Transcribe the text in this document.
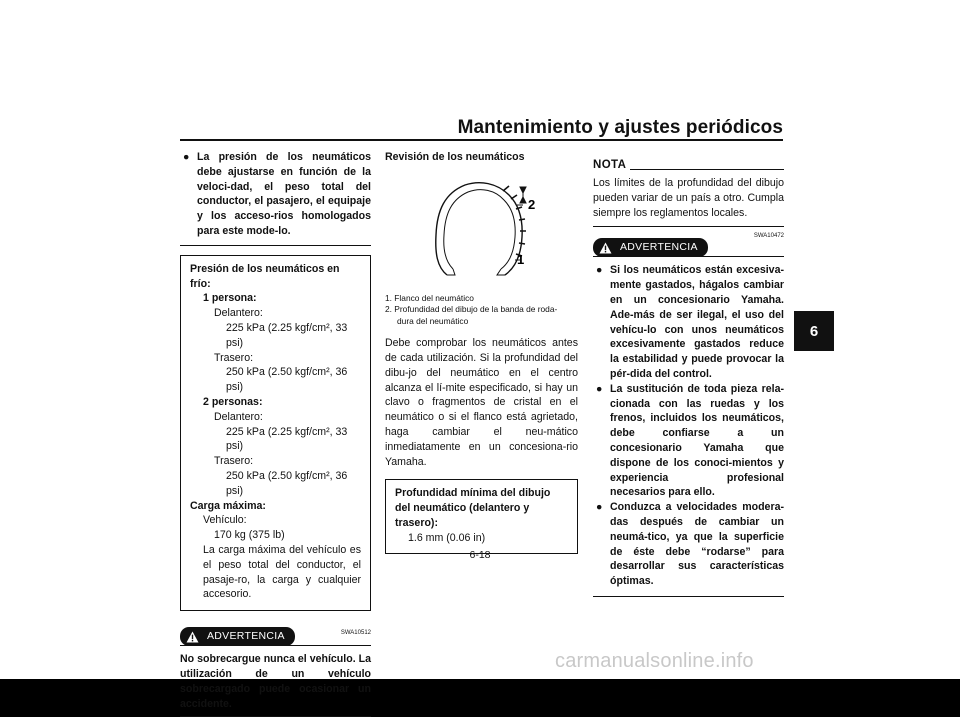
Mantenimiento y ajustes periódicos
6
● La presión de los neumáticos debe ajustarse en función de la veloci-dad, el peso total del conductor, el pasajero, el equipaje y los acceso-rios homologados para este mode-lo.
Presión de los neumáticos en frío:
1 persona:
Delantero:
225 kPa (2.25 kgf/cm², 33 psi)
Trasero:
250 kPa (2.50 kgf/cm², 36 psi)
2 personas:
Delantero:
225 kPa (2.25 kgf/cm², 33 psi)
Trasero:
250 kPa (2.50 kgf/cm², 36 psi)
Carga máxima:
Vehículo:
170 kg (375 lb)
La carga máxima del vehículo es el peso total del conductor, el pasaje-ro, la carga y cualquier accesorio.
SWA10512
ADVERTENCIA
No sobrecargue nunca el vehículo. La utilización de un vehículo sobrecargado puede ocasionar un accidente.
Revisión de los neumáticos
2
1
1. Flanco del neumático
2. Profundidad del dibujo de la banda de roda-
dura del neumático
Debe comprobar los neumáticos antes de cada utilización. Si la profundidad del dibu-jo del neumático en el centro alcanza el lí-mite especificado, si hay un clavo o fragmentos de cristal en el neumático o si el flanco está agrietado, haga cambiar el neu-mático inmediatamente en un concesiona-rio Yamaha.
Profundidad mínima del dibujo del neumático (delantero y trasero):
1.6 mm (0.06 in)
NOTA
Los límites de la profundidad del dibujo pueden variar de un país a otro. Cumpla siempre los reglamentos locales.
SWA10472
ADVERTENCIA
● Si los neumáticos están excesiva-mente gastados, hágalos cambiar en un concesionario Yamaha. Ade-más de ser ilegal, el uso del vehícu-lo con unos neumáticos excesivamente gastados reduce la estabilidad y puede provocar la pér-dida del control.
● La sustitución de toda pieza rela-cionada con las ruedas y los frenos, incluidos los neumáticos, debe confiarse a un concesionario Yamaha que dispone de los conoci-mientos y experiencia profesional necesarios para ello.
● Conduzca a velocidades modera-das después de cambiar un neumá-tico, ya que la superficie de éste debe “rodarse” para desarrollar sus características óptimas.
6-18
carmanualsonline.info
